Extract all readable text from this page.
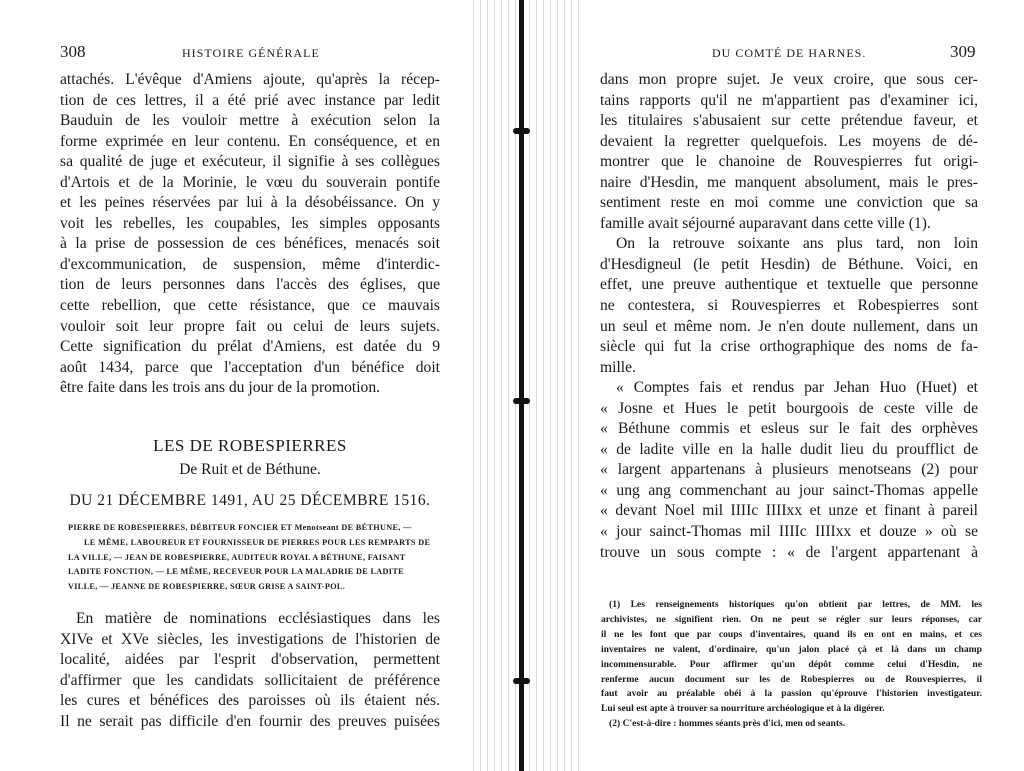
308	HISTOIRE GÉNÉRALE
attachés. L'évêque d'Amiens ajoute, qu'après la récep-
tion de ces lettres, il a été prié avec instance par ledit
Bauduin de les vouloir mettre à exécution selon la
forme exprimée en leur contenu. En conséquence, et en
sa qualité de juge et exécuteur, il signifie à ses collègues
d'Artois et de la Morinie, le vœu du souverain pontife
et les peines réservées par lui à la désobéissance. On y
voit les rebelles, les coupables, les simples opposants
à la prise de possession de ces bénéfices, menacés soit
d'excommunication, de suspension, même d'interdic-
tion de leurs personnes dans l'accès des églises, que
cette rebellion, que cette résistance, que ce mauvais
vouloir soit leur propre fait ou celui de leurs sujets.
Cette signification du prélat d'Amiens, est datée du 9
août 1434, parce que l'acceptation d'un bénéfice doit
être faite dans les trois ans du jour de la promotion.
LES DE ROBESPIERRES
De Ruit et de Béthune.
DU 21 DÉCEMBRE 1491, AU 25 DÉCEMBRE 1516.
PIERRE DE ROBESPIERRES, DÉBITEUR FONCIER ET Menotseant DE BÉTHUNE, —
LE MÊME, LABOUREUR ET FOURNISSEUR DE PIERRES POUR LES REMPARTS DE
LA VILLE, — JEAN DE ROBESPIERRE, AUDITEUR ROYAL A BÉTHUNE, FAISANT
LADITE FONCTION, — LE MÊME, RECEVEUR POUR LA MALADRIE DE LADITE
VILLE, — JEANNE DE ROBESPIERRE, SŒUR GRISE A SAINT-POL.
En matière de nominations ecclésiastiques dans les
XIVe et XVe siècles, les investigations de l'historien de
localité, aidées par l'esprit d'observation, permettent
d'affirmer que les candidats sollicitaient de préférence
les cures et bénéfices des paroisses où ils étaient nés.
Il ne serait pas difficile d'en fournir des preuves puisées
DU COMTÉ DE HARNES.	309
dans mon propre sujet. Je veux croire, que sous cer-
tains rapports qu'il ne m'appartient pas d'examiner ici,
les titulaires s'abusaient sur cette prétendue faveur, et
devaient la regretter quelquefois. Les moyens de dé-
montrer que le chanoine de Rouvespierres fut origi-
naire d'Hesdin, me manquent absolument, mais le pres-
sentiment reste en moi comme une conviction que sa
famille avait séjourné auparavant dans cette ville (1).
On la retrouve soixante ans plus tard, non loin
d'Hesdigneul (le petit Hesdin) de Béthune. Voici, en
effet, une preuve authentique et textuelle que personne
ne contestera, si Rouvespierres et Robespierres sont
un seul et même nom. Je n'en doute nullement, dans un
siècle qui fut la crise orthographique des noms de fa-
mille.
« Comptes fais et rendus par Jehan Huo (Huet) et
« Josne et Hues le petit bourgoois de ceste ville de
« Béthune commis et esleus sur le fait des orphèves
« de ladite ville en la halle dudit lieu du proufflict de
« largent appartenans à plusieurs menotseans (2) pour
« ung ang commenchant au jour sainct-Thomas appelle
« devant Noel mil IIIIc IIIIxx et unze et finant à pareil
« jour sainct-Thomas mil IIIIc IIIIxx et douze » où se
trouve un sous compte : « de l'argent appartenant à
(1) Les renseignements historiques qu'on obtient par lettres, de MM. les
archivistes, ne signifient rien. On ne peut se régler sur leurs réponses, car
il ne les font que par coups d'inventaires, quand ils en ont en mains, et ces
inventaires ne valent, d'ordinaire, qu'un jalon placé çà et là dans un champ
incommensurable. Pour affirmer qu'un dépôt comme celui d'Hesdin, ne
renferme aucun document sur les de Robespierres ou de Rouvespierres, il
faut avoir au préalable obéi à la passion qu'éprouve l'historien investigateur.
Lui seul est apte à trouver sa nourriture archéologique et à la digérer.
(2) C'est-à-dire : hommes séants près d'ici, men od seants.
